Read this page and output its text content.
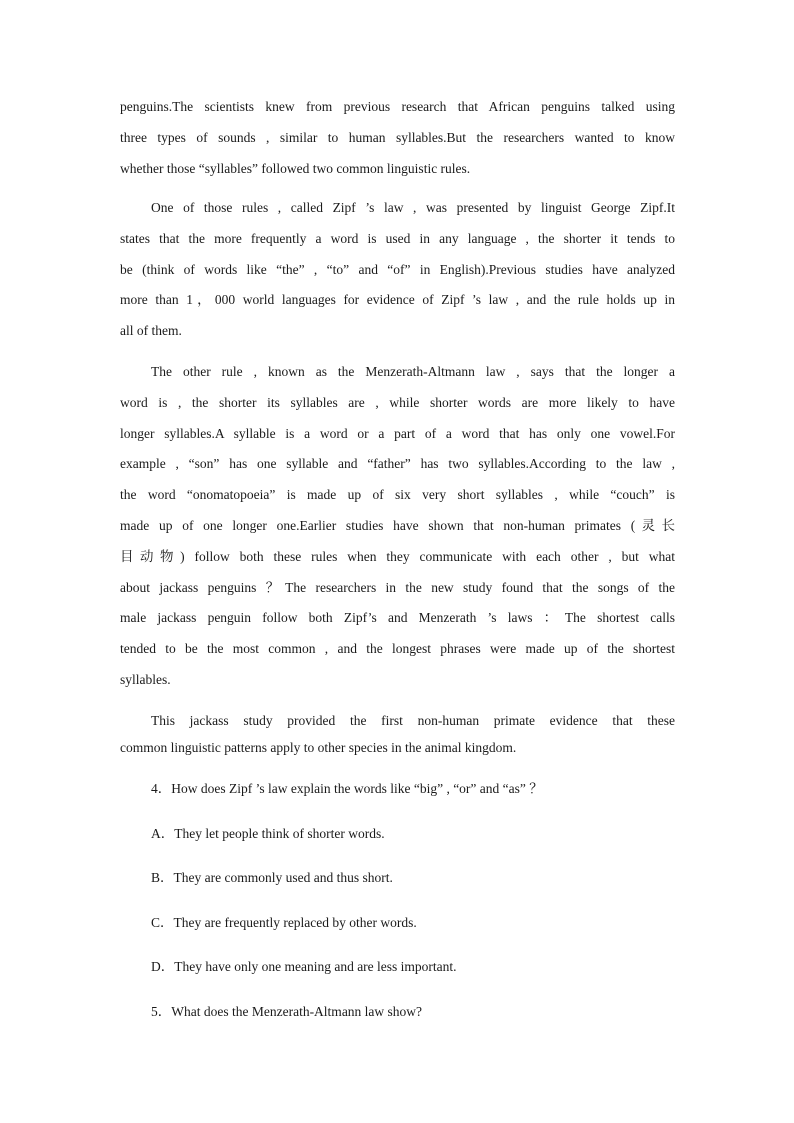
penguins.The scientists knew from previous research that African penguins talked using
three types of sounds , similar to human syllables.But the researchers wanted to know
whether those “syllables” followed two common linguistic rules.
One of those rules , called Zipf ’s law , was presented by linguist George Zipf.It
states that the more frequently a word is used in any language , the shorter it tends to
be (think of words like “the” , “to” and “of” in English).Previous studies have analyzed
more than 1，000 world languages for evidence of Zipf ’s law , and the rule holds up in
all of them.
The other rule , known as the Menzerath-Altmann law , says that the longer a
word is , the shorter its syllables are , while shorter words are more likely to have
longer syllables.A syllable is a word or a part of a word that has only one vowel.For
example , “son” has one syllable and “father” has two syllables.According to the law ,
the word “onomatopoeia” is made up of six very short syllables , while “couch” is
made up of one longer one.Earlier studies have shown that non-human primates (灵长
目动物) follow both these rules when they communicate with each other , but what
about jackass penguins ？The researchers in the new study found that the songs of the
male jackass penguin follow both Zipf’s and Menzerath ’s laws ：The shortest calls
tended to be the most common , and the longest phrases were made up of the shortest
syllables.
This jackass study provided the first non-human primate evidence that these
common linguistic patterns apply to other species in the animal kingdom.
4．How does Zipf ’s law explain the words like “big” , “or” and “as” ？
A．They let people think of shorter words.
B．They are commonly used and thus short.
C．They are frequently replaced by other words.
D．They have only one meaning and are less important.
5．What does the Menzerath-Altmann law show?
